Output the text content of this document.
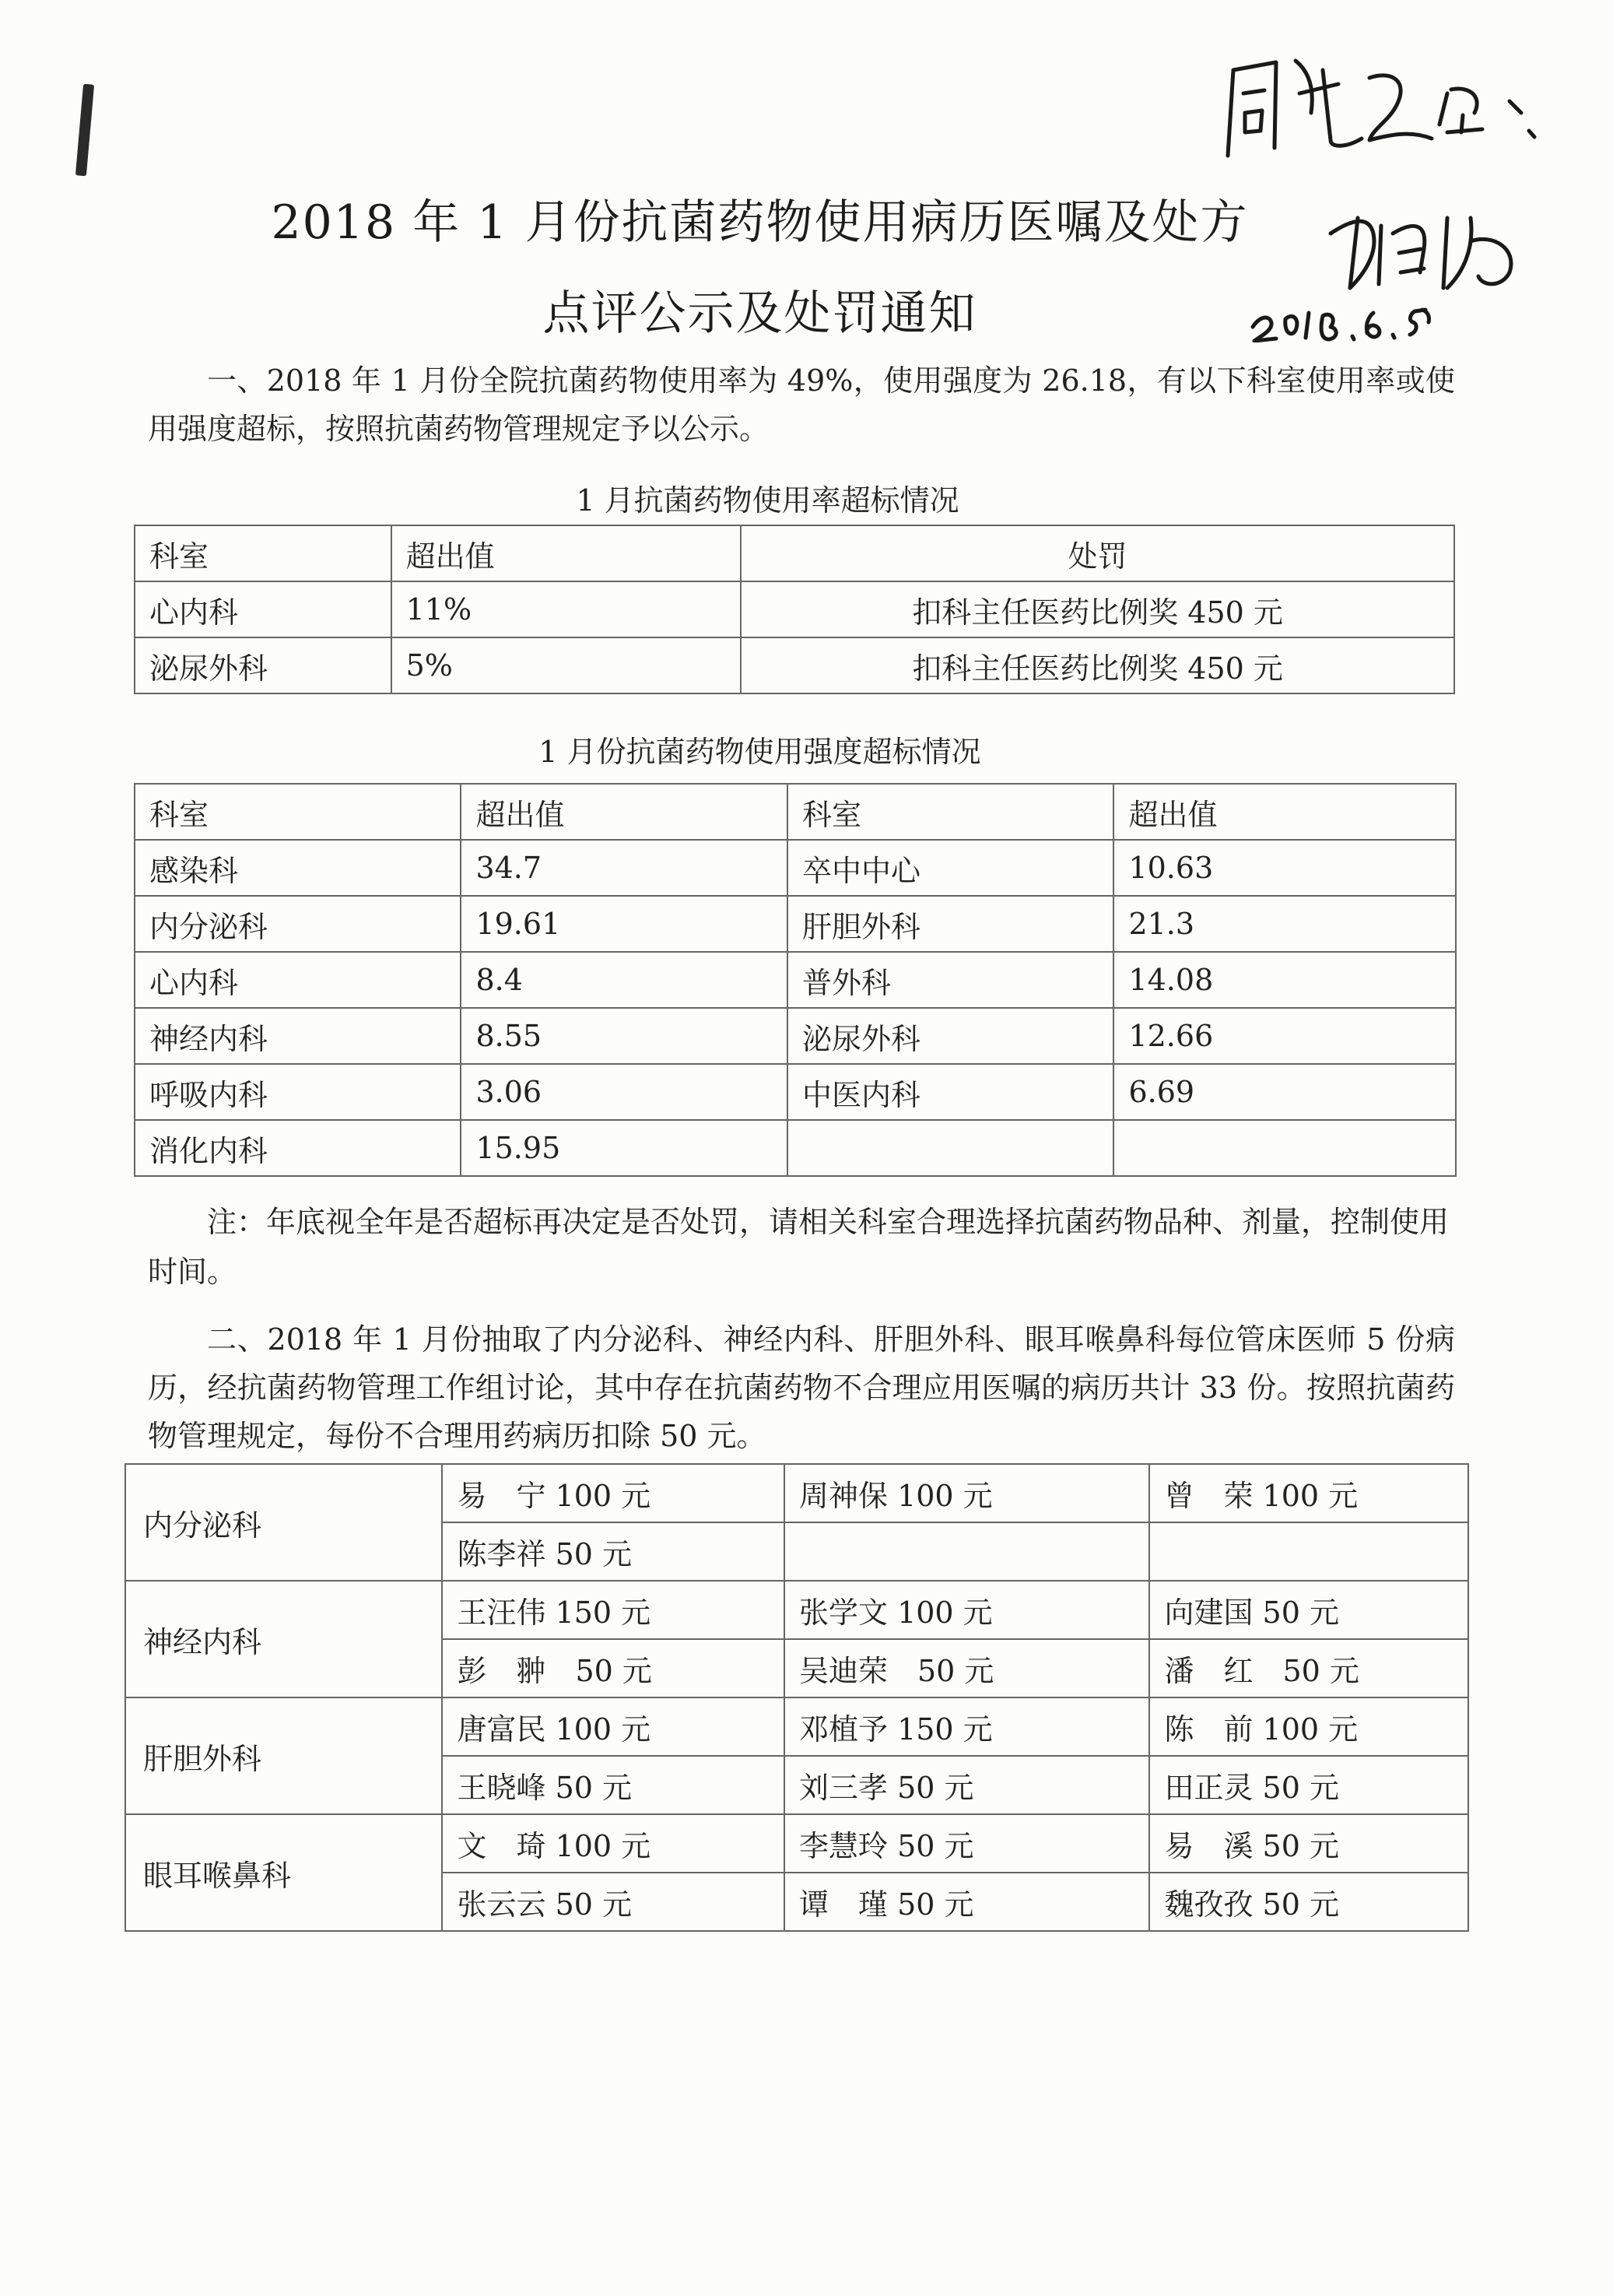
2018 年 1 月份抗菌药物使用病历医嘱及处方
点评公示及处罚通知

一、2018 年 1 月份全院抗菌药物使用率为 49%，使用强度为 26.18，有以下科室使用率或使用强度超标，按照抗菌药物管理规定予以公示。

1 月抗菌药物使用率超标情况
科室	超出值	处罚
心内科	11%	扣科主任医药比例奖 450 元
泌尿外科	5%	扣科主任医药比例奖 450 元
1 月份抗菌药物使用强度超标情况
科室	超出值	科室	超出值
感染科	34.7	卒中中心	10.63
内分泌科	19.61	肝胆外科	21.3
心内科	8.4	普外科	14.08
神经内科	8.55	泌尿外科	12.66
呼吸内科	3.06	中医内科	6.69
消化内科	15.95		

注：年底视全年是否超标再决定是否处罚，请相关科室合理选择抗菌药物品种、剂量，控制使用时间。

二、2018 年 1 月份抽取了内分泌科、神经内科、肝胆外科、眼耳喉鼻科每位管床医师 5 份病历，经抗菌药物管理工作组讨论，其中存在抗菌药物不合理应用医嘱的病历共计 33 份。按照抗菌药物管理规定，每份不合理用药病历扣除 50 元。

内分泌科	易　宁 100 元	周神保 100 元	曾　荣 100 元
	陈李祥 50 元		
神经内科	王汪伟 150 元	张学文 100 元	向建国 50 元
	彭　翀　50 元	吴迪荣　50 元	潘　红　50 元
肝胆外科	唐富民 100 元	邓植予 150 元	陈　前 100 元
	王晓峰 50 元	刘三孝 50 元	田正灵 50 元
眼耳喉鼻科	文　琦 100 元	李慧玲 50 元	易　溪 50 元
	张云云 50 元	谭　瑾 50 元	魏孜孜 50 元
